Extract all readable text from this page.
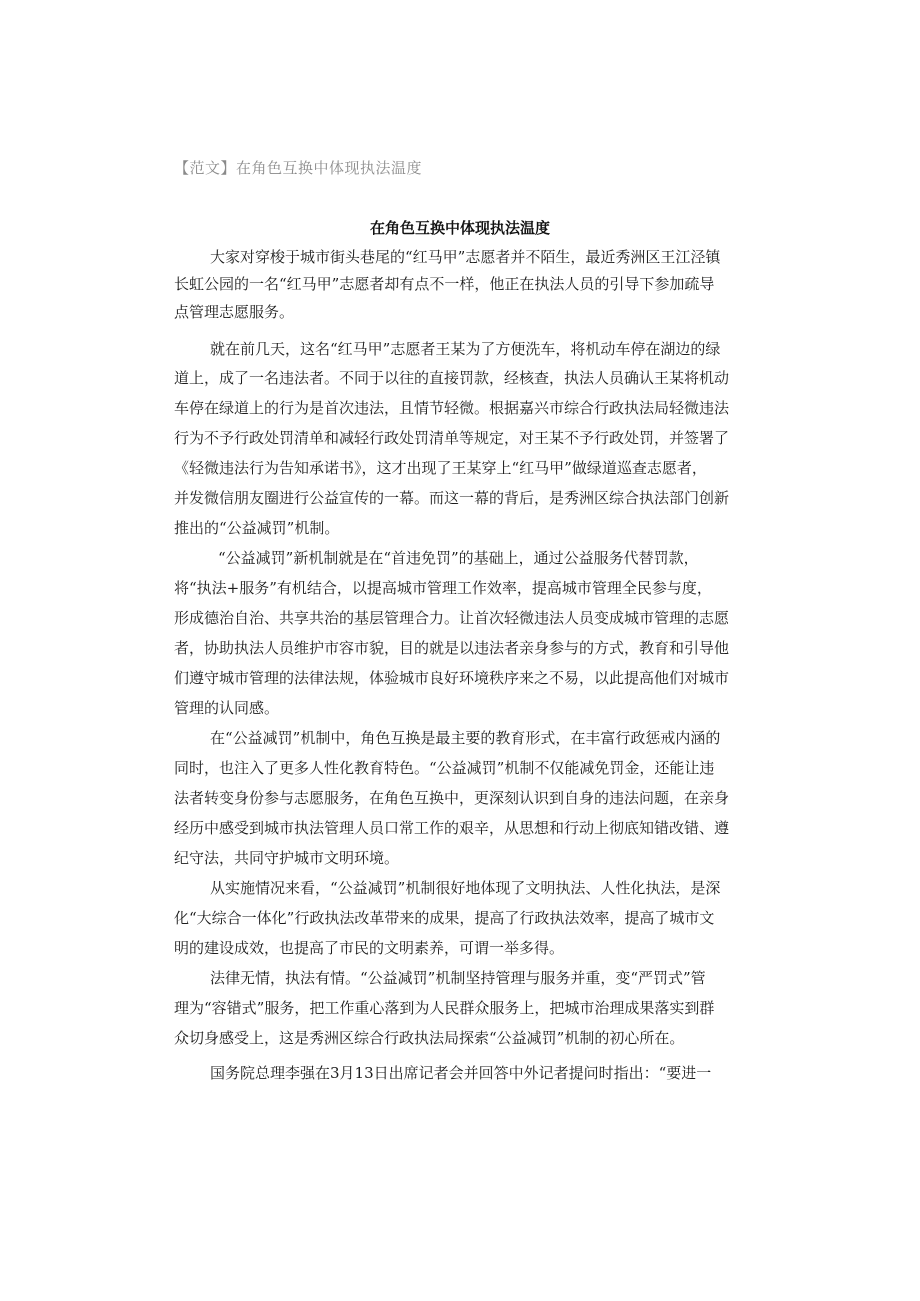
【范文】在角色互换中体现执法温度
在角色互换中体现执法温度
大家对穿梭于城市街头巷尾的“红马甲”志愿者并不陌生，最近秀洲区王江泾镇
长虹公园的一名“红马甲”志愿者却有点不一样，他正在执法人员的引导下参加疏导
点管理志愿服务。
就在前几天，这名“红马甲”志愿者王某为了方便洗车，将机动车停在湖边的绿
道上，成了一名违法者。不同于以往的直接罚款，经核查，执法人员确认王某将机动
车停在绿道上的行为是首次违法，且情节轻微。根据嘉兴市综合行政执法局轻微违法
行为不予行政处罚清单和减轻行政处罚清单等规定，对王某不予行政处罚，并签署了
《轻微违法行为告知承诺书》，这才出现了王某穿上“红马甲”做绿道巡查志愿者，
并发微信朋友圈进行公益宣传的一幕。而这一幕的背后，是秀洲区综合执法部门创新
推出的“公益减罚”机制。
“公益减罚”新机制就是在“首违免罚”的基础上，通过公益服务代替罚款，
将“执法+服务”有机结合，以提高城市管理工作效率，提高城市管理全民参与度，
形成德治自治、共享共治的基层管理合力。让首次轻微违法人员变成城市管理的志愿
者，协助执法人员维护市容市貌，目的就是以违法者亲身参与的方式，教育和引导他
们遵守城市管理的法律法规，体验城市良好环境秩序来之不易，以此提高他们对城市
管理的认同感。
在“公益减罚”机制中，角色互换是最主要的教育形式，在丰富行政惩戒内涵的
同时，也注入了更多人性化教育特色。“公益减罚”机制不仅能减免罚金，还能让违
法者转变身份参与志愿服务，在角色互换中，更深刻认识到自身的违法问题，在亲身
经历中感受到城市执法管理人员口常工作的艰辛，从思想和行动上彻底知错改错、遵
纪守法，共同守护城市文明环境。
从实施情况来看，“公益减罚”机制很好地体现了文明执法、人性化执法，是深
化“大综合一体化”行政执法改革带来的成果，提高了行政执法效率，提高了城市文
明的建设成效，也提高了市民的文明素养，可谓一举多得。
法律无情，执法有情。“公益减罚”机制坚持管理与服务并重，变“严罚式”管
理为“容错式”服务，把工作重心落到为人民群众服务上，把城市治理成果落实到群
众切身感受上，这是秀洲区综合行政执法局探索“公益减罚”机制的初心所在。
国务院总理李强在3月13日出席记者会并回答中外记者提问时指出：“要进一
